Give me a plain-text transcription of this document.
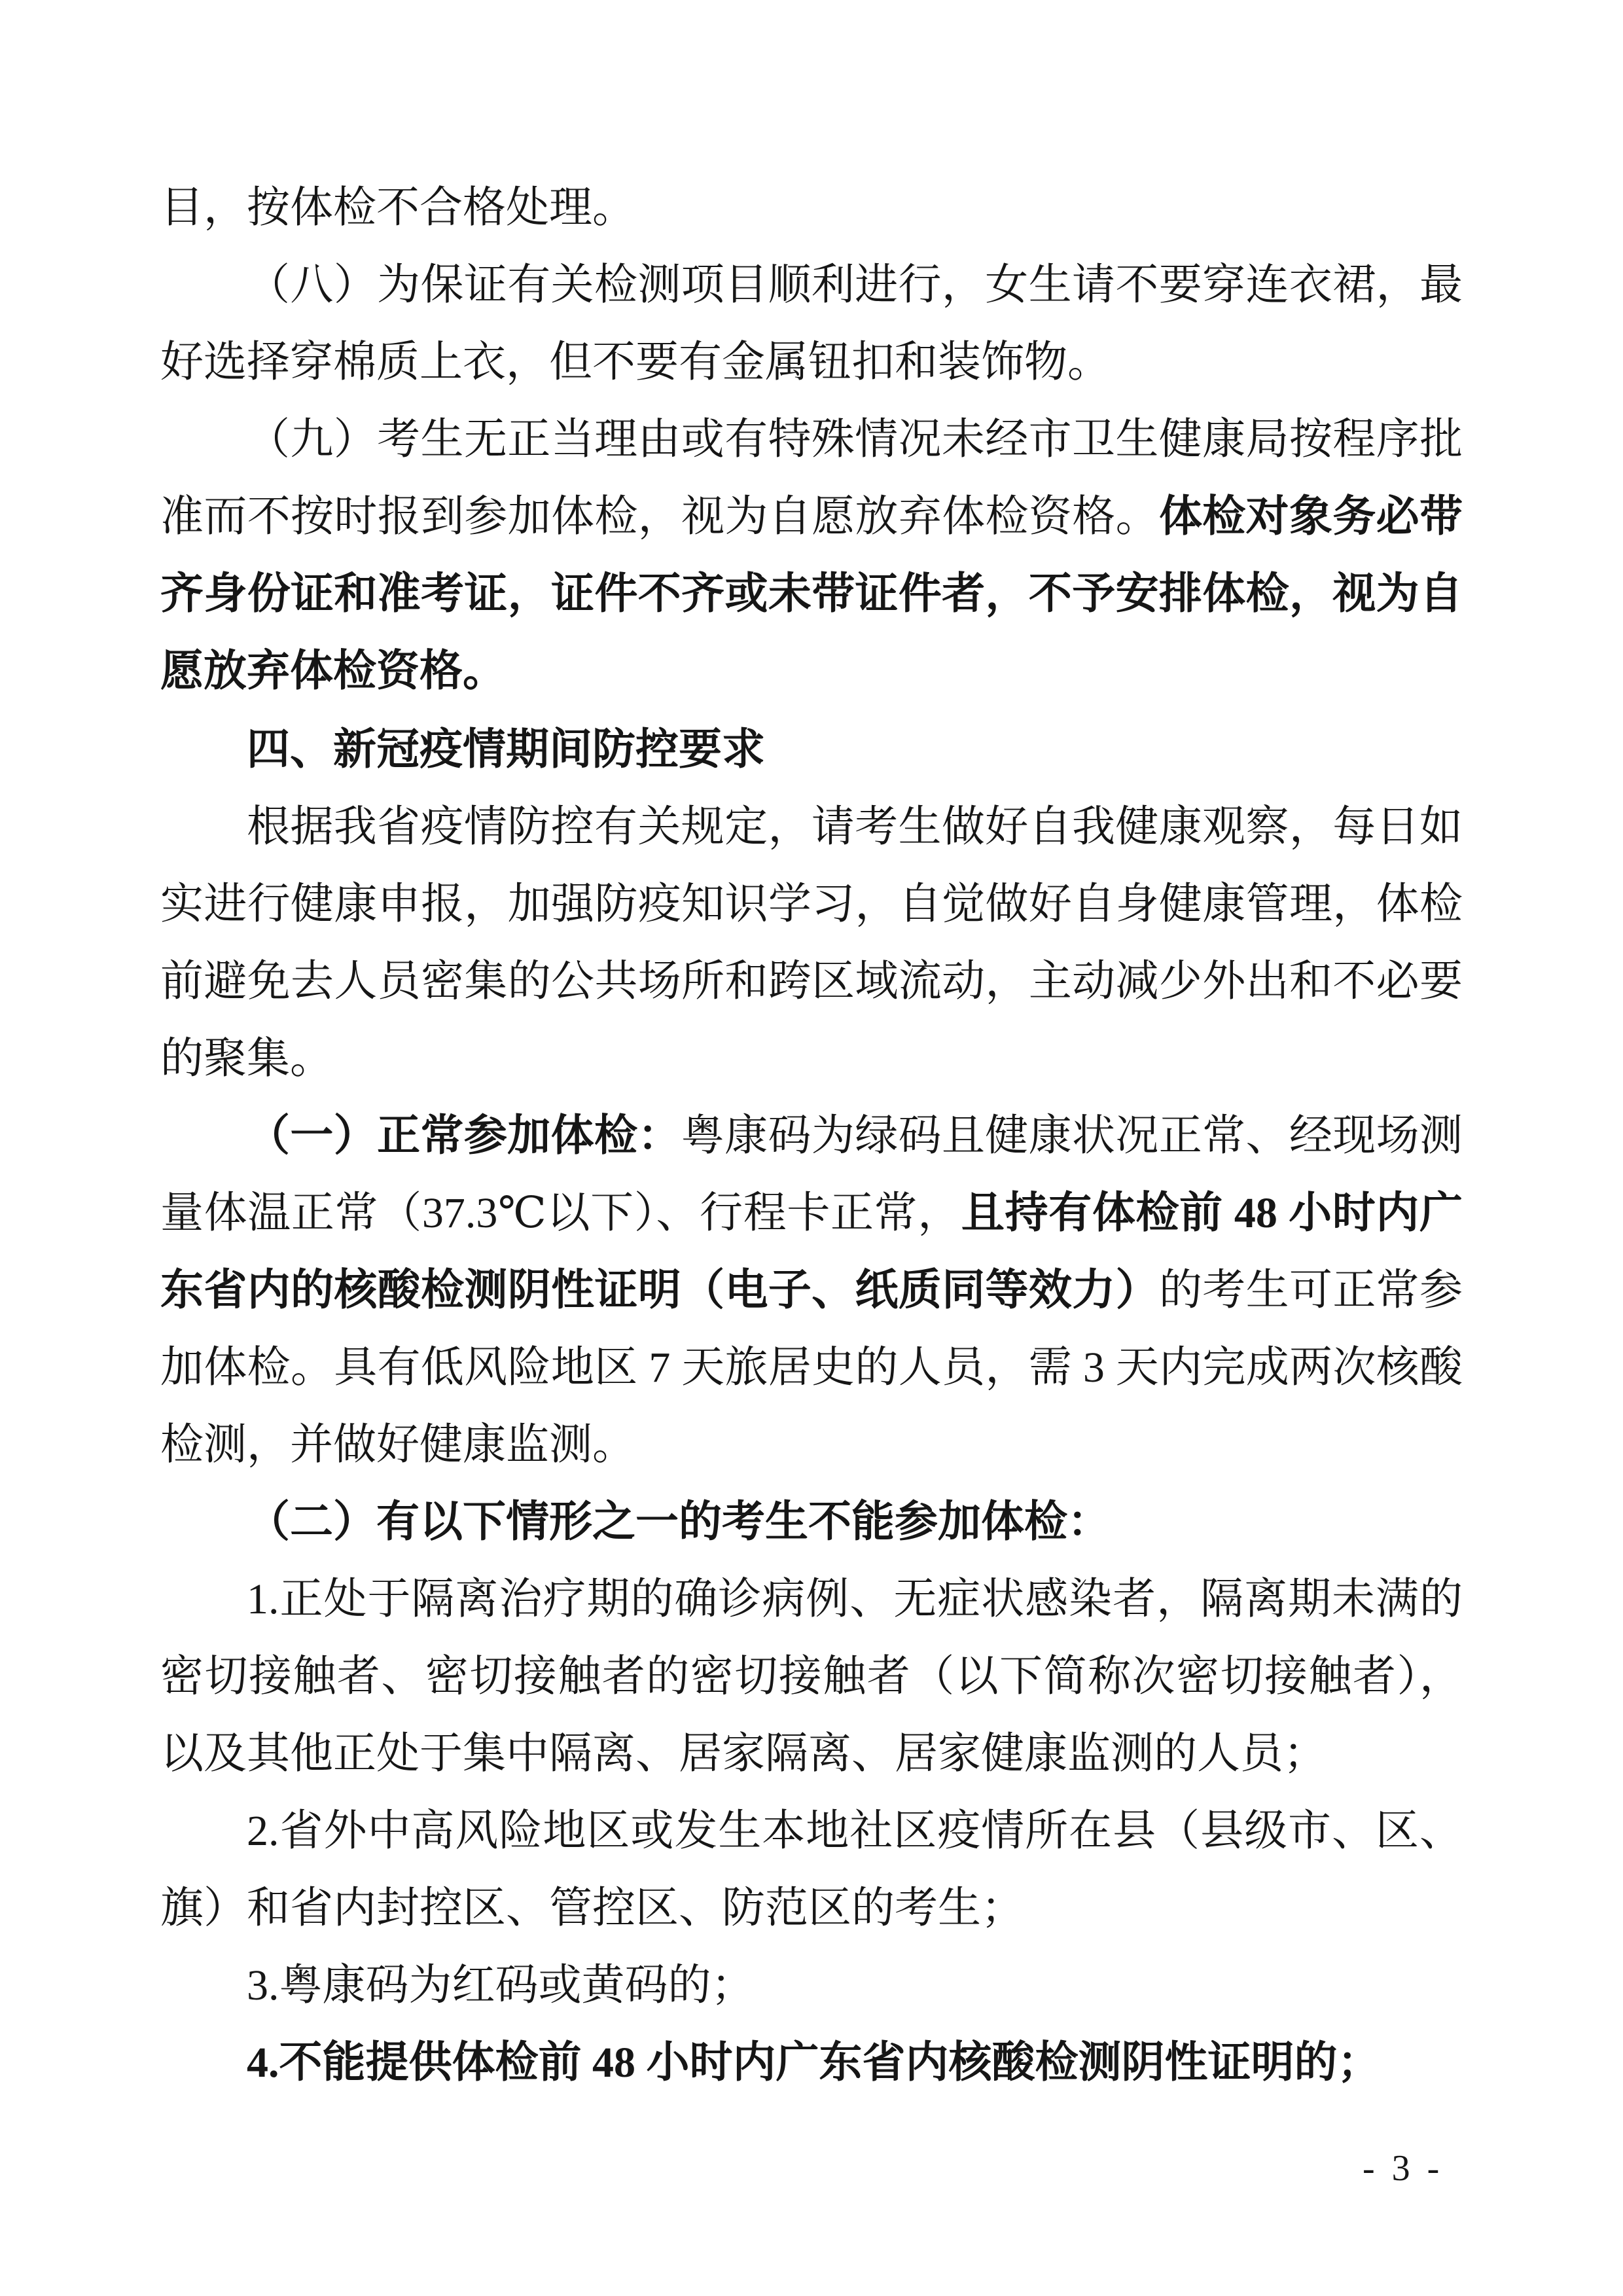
目，按体检不合格处理。

（八）为保证有关检测项目顺利进行，女生请不要穿连衣裙，最好选择穿棉质上衣，但不要有金属钮扣和装饰物。

（九）考生无正当理由或有特殊情况未经市卫生健康局按程序批准而不按时报到参加体检，视为自愿放弃体检资格。体检对象务必带齐身份证和准考证，证件不齐或未带证件者，不予安排体检，视为自愿放弃体检资格。

四、新冠疫情期间防控要求

根据我省疫情防控有关规定，请考生做好自我健康观察，每日如实进行健康申报，加强防疫知识学习，自觉做好自身健康管理，体检前避免去人员密集的公共场所和跨区域流动，主动减少外出和不必要的聚集。

（一）正常参加体检：粤康码为绿码且健康状况正常、经现场测量体温正常（37.3℃以下）、行程卡正常，且持有体检前 48 小时内广东省内的核酸检测阴性证明（电子、纸质同等效力）的考生可正常参加体检。具有低风险地区 7 天旅居史的人员，需 3 天内完成两次核酸检测，并做好健康监测。

（二）有以下情形之一的考生不能参加体检：

1.正处于隔离治疗期的确诊病例、无症状感染者，隔离期未满的密切接触者、密切接触者的密切接触者（以下简称次密切接触者），以及其他正处于集中隔离、居家隔离、居家健康监测的人员；

2.省外中高风险地区或发生本地社区疫情所在县（县级市、区、旗）和省内封控区、管控区、防范区的考生；

3.粤康码为红码或黄码的；

4.不能提供体检前 48 小时内广东省内核酸检测阴性证明的；

- 3 -
